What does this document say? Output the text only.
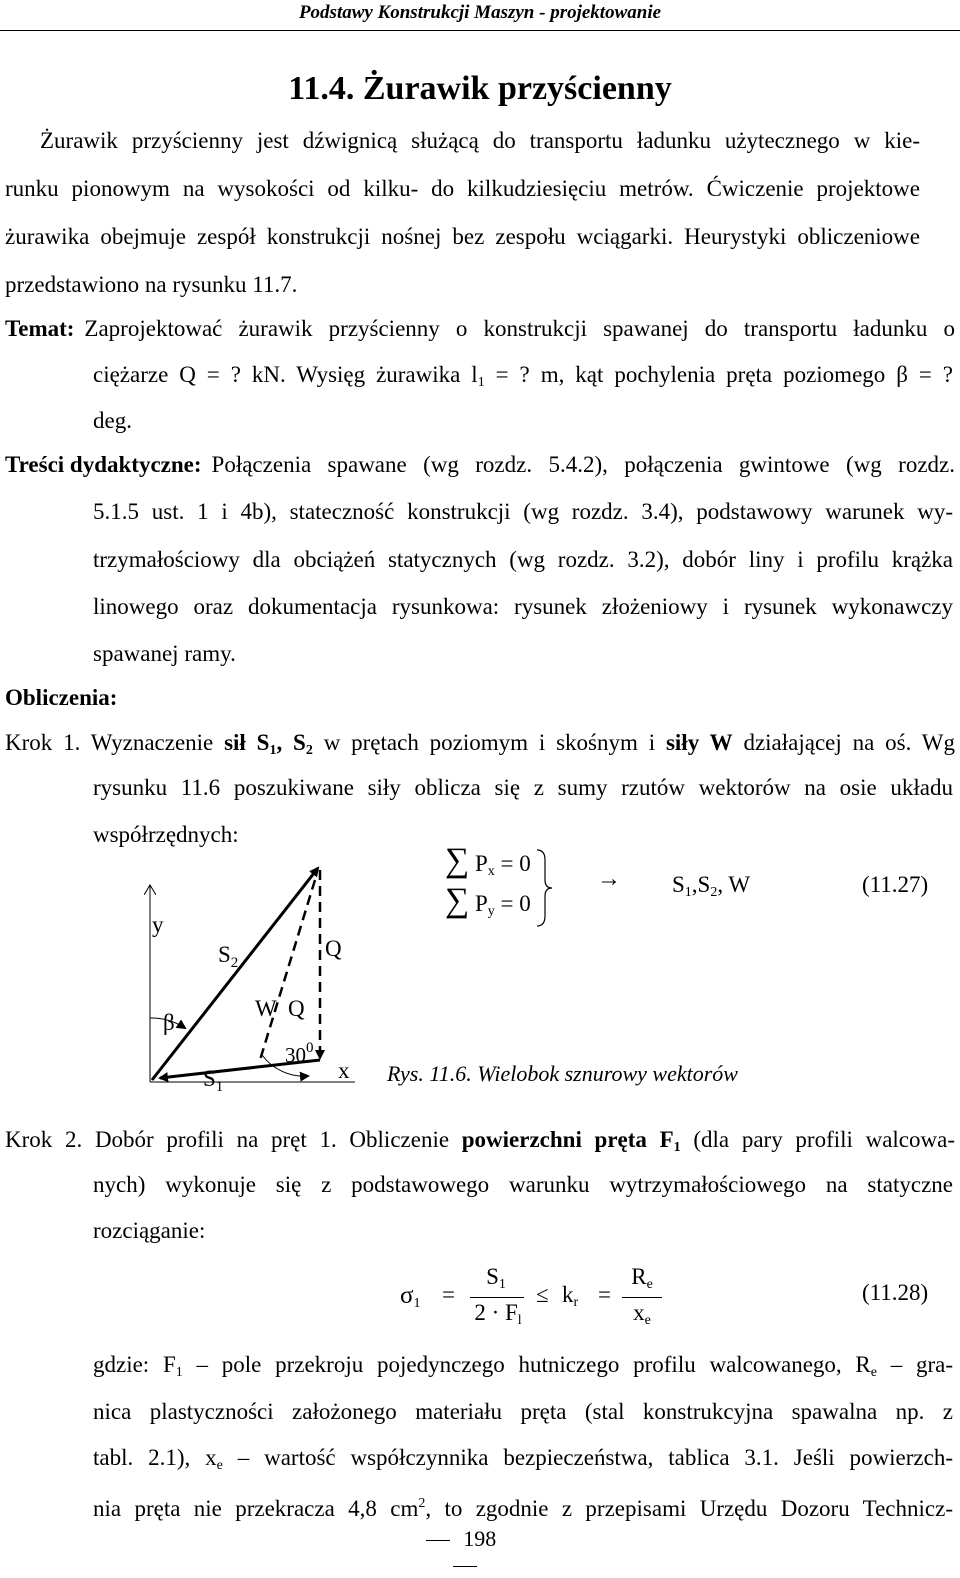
Podstawy Konstrukcji Maszyn - projektowanie
11.4. Żurawik przyścienny
Żurawik przyścienny jest dźwignicą służącą do transportu ładunku użytecznego w kie-
runku pionowym na wysokości od kilku- do kilkudziesięciu metrów. Ćwiczenie projektowe
żurawika obejmuje zespół konstrukcji nośnej bez zespołu wciągarki. Heurystyki obliczeniowe
przedstawiono na rysunku 11.7.
Temat: Zaprojektować żurawik przyścienny o konstrukcji spawanej do transportu ładunku o
ciężarze Q = ? kN. Wysięg żurawika $l_1$ = ? m, kąt pochylenia pręta poziomego β = ?
deg.
Treści dydaktyczne: Połączenia spawane (wg rozdz. 5.4.2), połączenia gwintowe (wg rozdz.
5.1.5 ust. 1 i 4b), stateczność konstrukcji (wg rozdz. 3.4), podstawowy warunek wy-
trzymałościowy dla obciążeń statycznych (wg rozdz. 3.2), dobór liny i profilu krążka
linowego oraz dokumentacja rysunkowa: rysunek złożeniowy i rysunek wykonawczy
spawanej ramy.
Obliczenia:
Krok 1. Wyznaczenie sił $S_1$, $S_2$ w prętach poziomym i skośnym i siły W działającej na oś. Wg
rysunku 11.6 poszukiwane siły oblicza się z sumy rzutów wektorów na osie układu
współrzędnych:
y
x
$S_2$
Q
W Q
β
$S_1$
$30^0$
Rys. 11.6. Wielobok sznurowy wektorów
∑ $P_x = 0$
∑ $P_y = 0$
→ $S_1,S_2$, W	(11.27)
Krok 2. Dobór profili na pręt 1. Obliczenie powierzchni pręta $F_1$ (dla pary profili walcowa-
nych) wykonuje się z podstawowego warunku wytrzymałościowego na statyczne
rozciąganie:
$\sigma_1$ =
$S_1$
$2 \cdot F_l$
≤ $k_r$ =
$R_e$
$x_e$
(11.28)
gdzie: $F_1$ – pole przekroju pojedynczego hutniczego profilu walcowanego, $R_e - gra-$
nica plastyczności założonego materiału pręta (stal konstrukcyjna spawalna np. z
tabl. 2.1), $x_e$ – wartość współczynnika bezpieczeństwa, tablica 3.1. Jeśli powierzch-
nia pręta nie przekracza 4,8 $cm^2$, to zgodnie z przepisami Urzędu Dozoru Technicz-
198
